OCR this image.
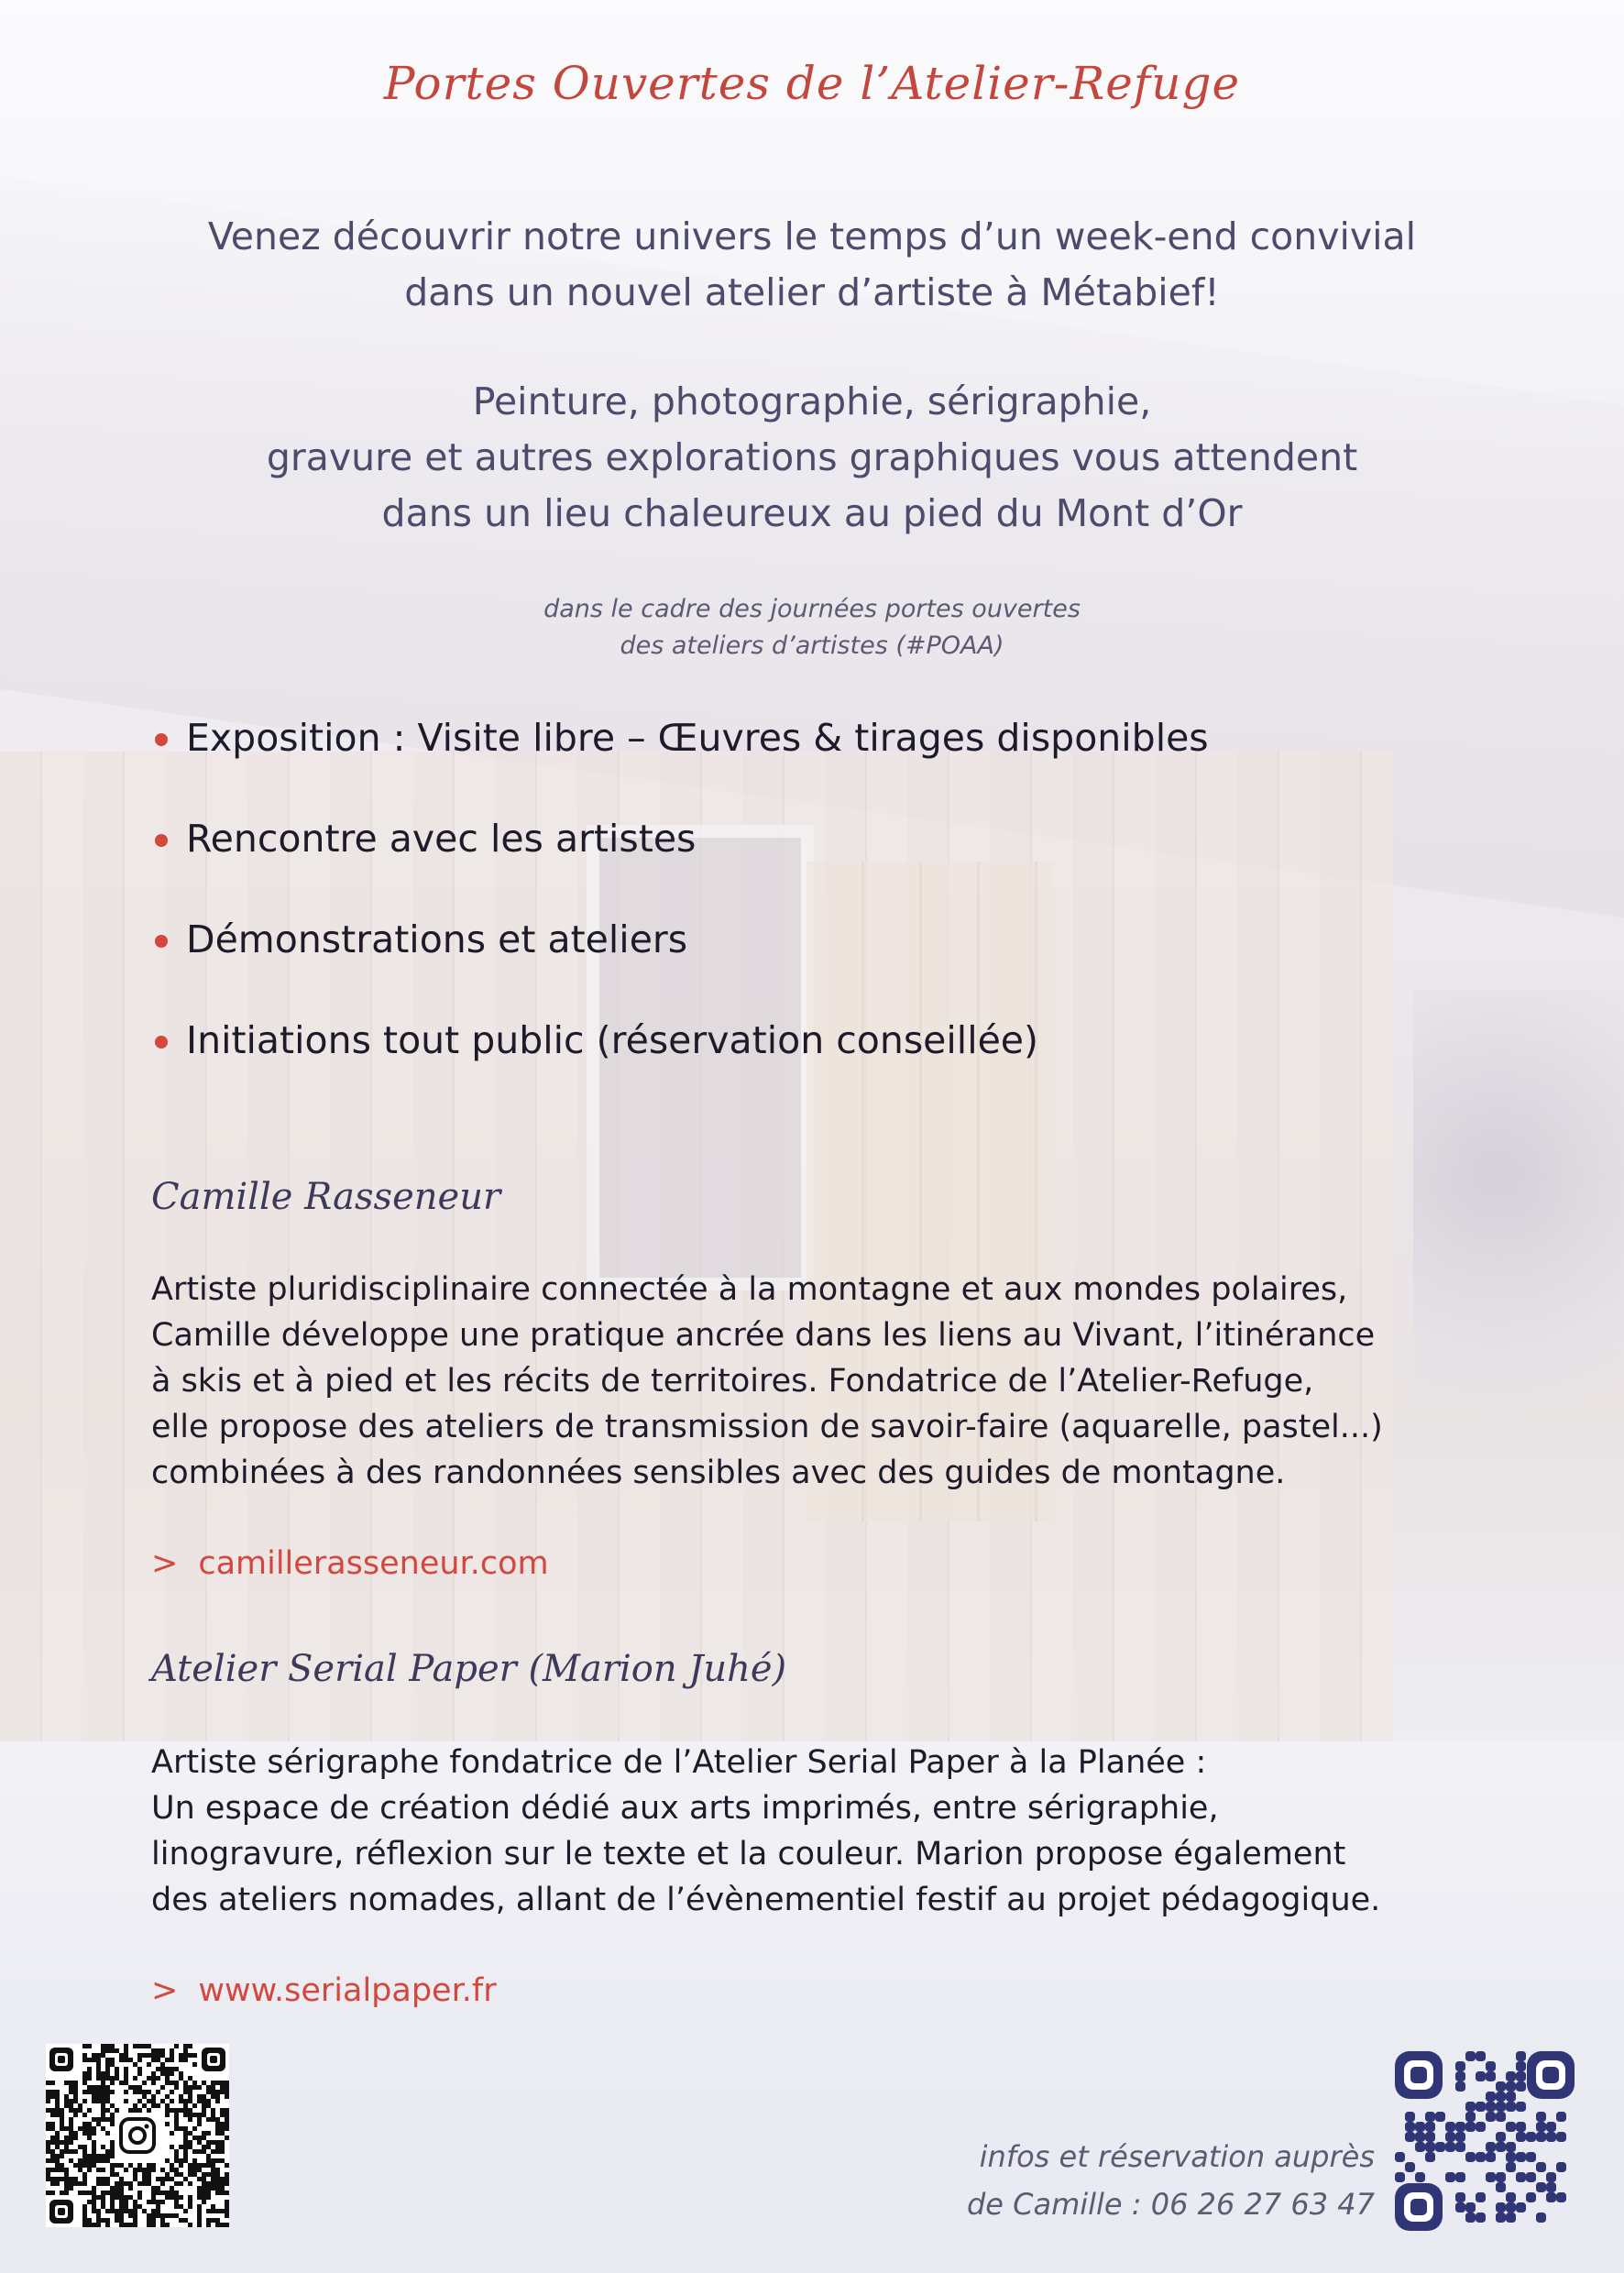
Portes Ouvertes de l’Atelier-Refuge
Venez découvrir notre univers le temps d’un week-end convivial
dans un nouvel atelier d’artiste à Métabief!
Peinture, photographie, sérigraphie,
gravure et autres explorations graphiques vous attendent
dans un lieu chaleureux au pied du Mont d’Or
dans le cadre des journées portes ouvertes
des ateliers d’artistes (#POAA)
Exposition : Visite libre – Œuvres & tirages disponibles
Rencontre avec les artistes
Démonstrations et ateliers
Initiations tout public (réservation conseillée)
Camille Rasseneur
Artiste pluridisciplinaire connectée à la montagne et aux mondes polaires,
Camille développe une pratique ancrée dans les liens au Vivant, l’itinérance
à skis et à pied et les récits de territoires. Fondatrice de l’Atelier-Refuge,
elle propose des ateliers de transmission de savoir-faire (aquarelle, pastel...)
combinées à des randonnées sensibles avec des guides de montagne.

> camillerasseneur.com

Atelier Serial Paper (Marion Juhé)
Artiste sérigraphe fondatrice de l’Atelier Serial Paper à la Planée :
Un espace de création dédié aux arts imprimés, entre sérigraphie,
linogravure, réflexion sur le texte et la couleur. Marion propose également
des ateliers nomades, allant de l’évènementiel festif au projet pédagogique.

> www.serialpaper.fr

infos et réservation auprès
de Camille : 06 26 27 63 47
